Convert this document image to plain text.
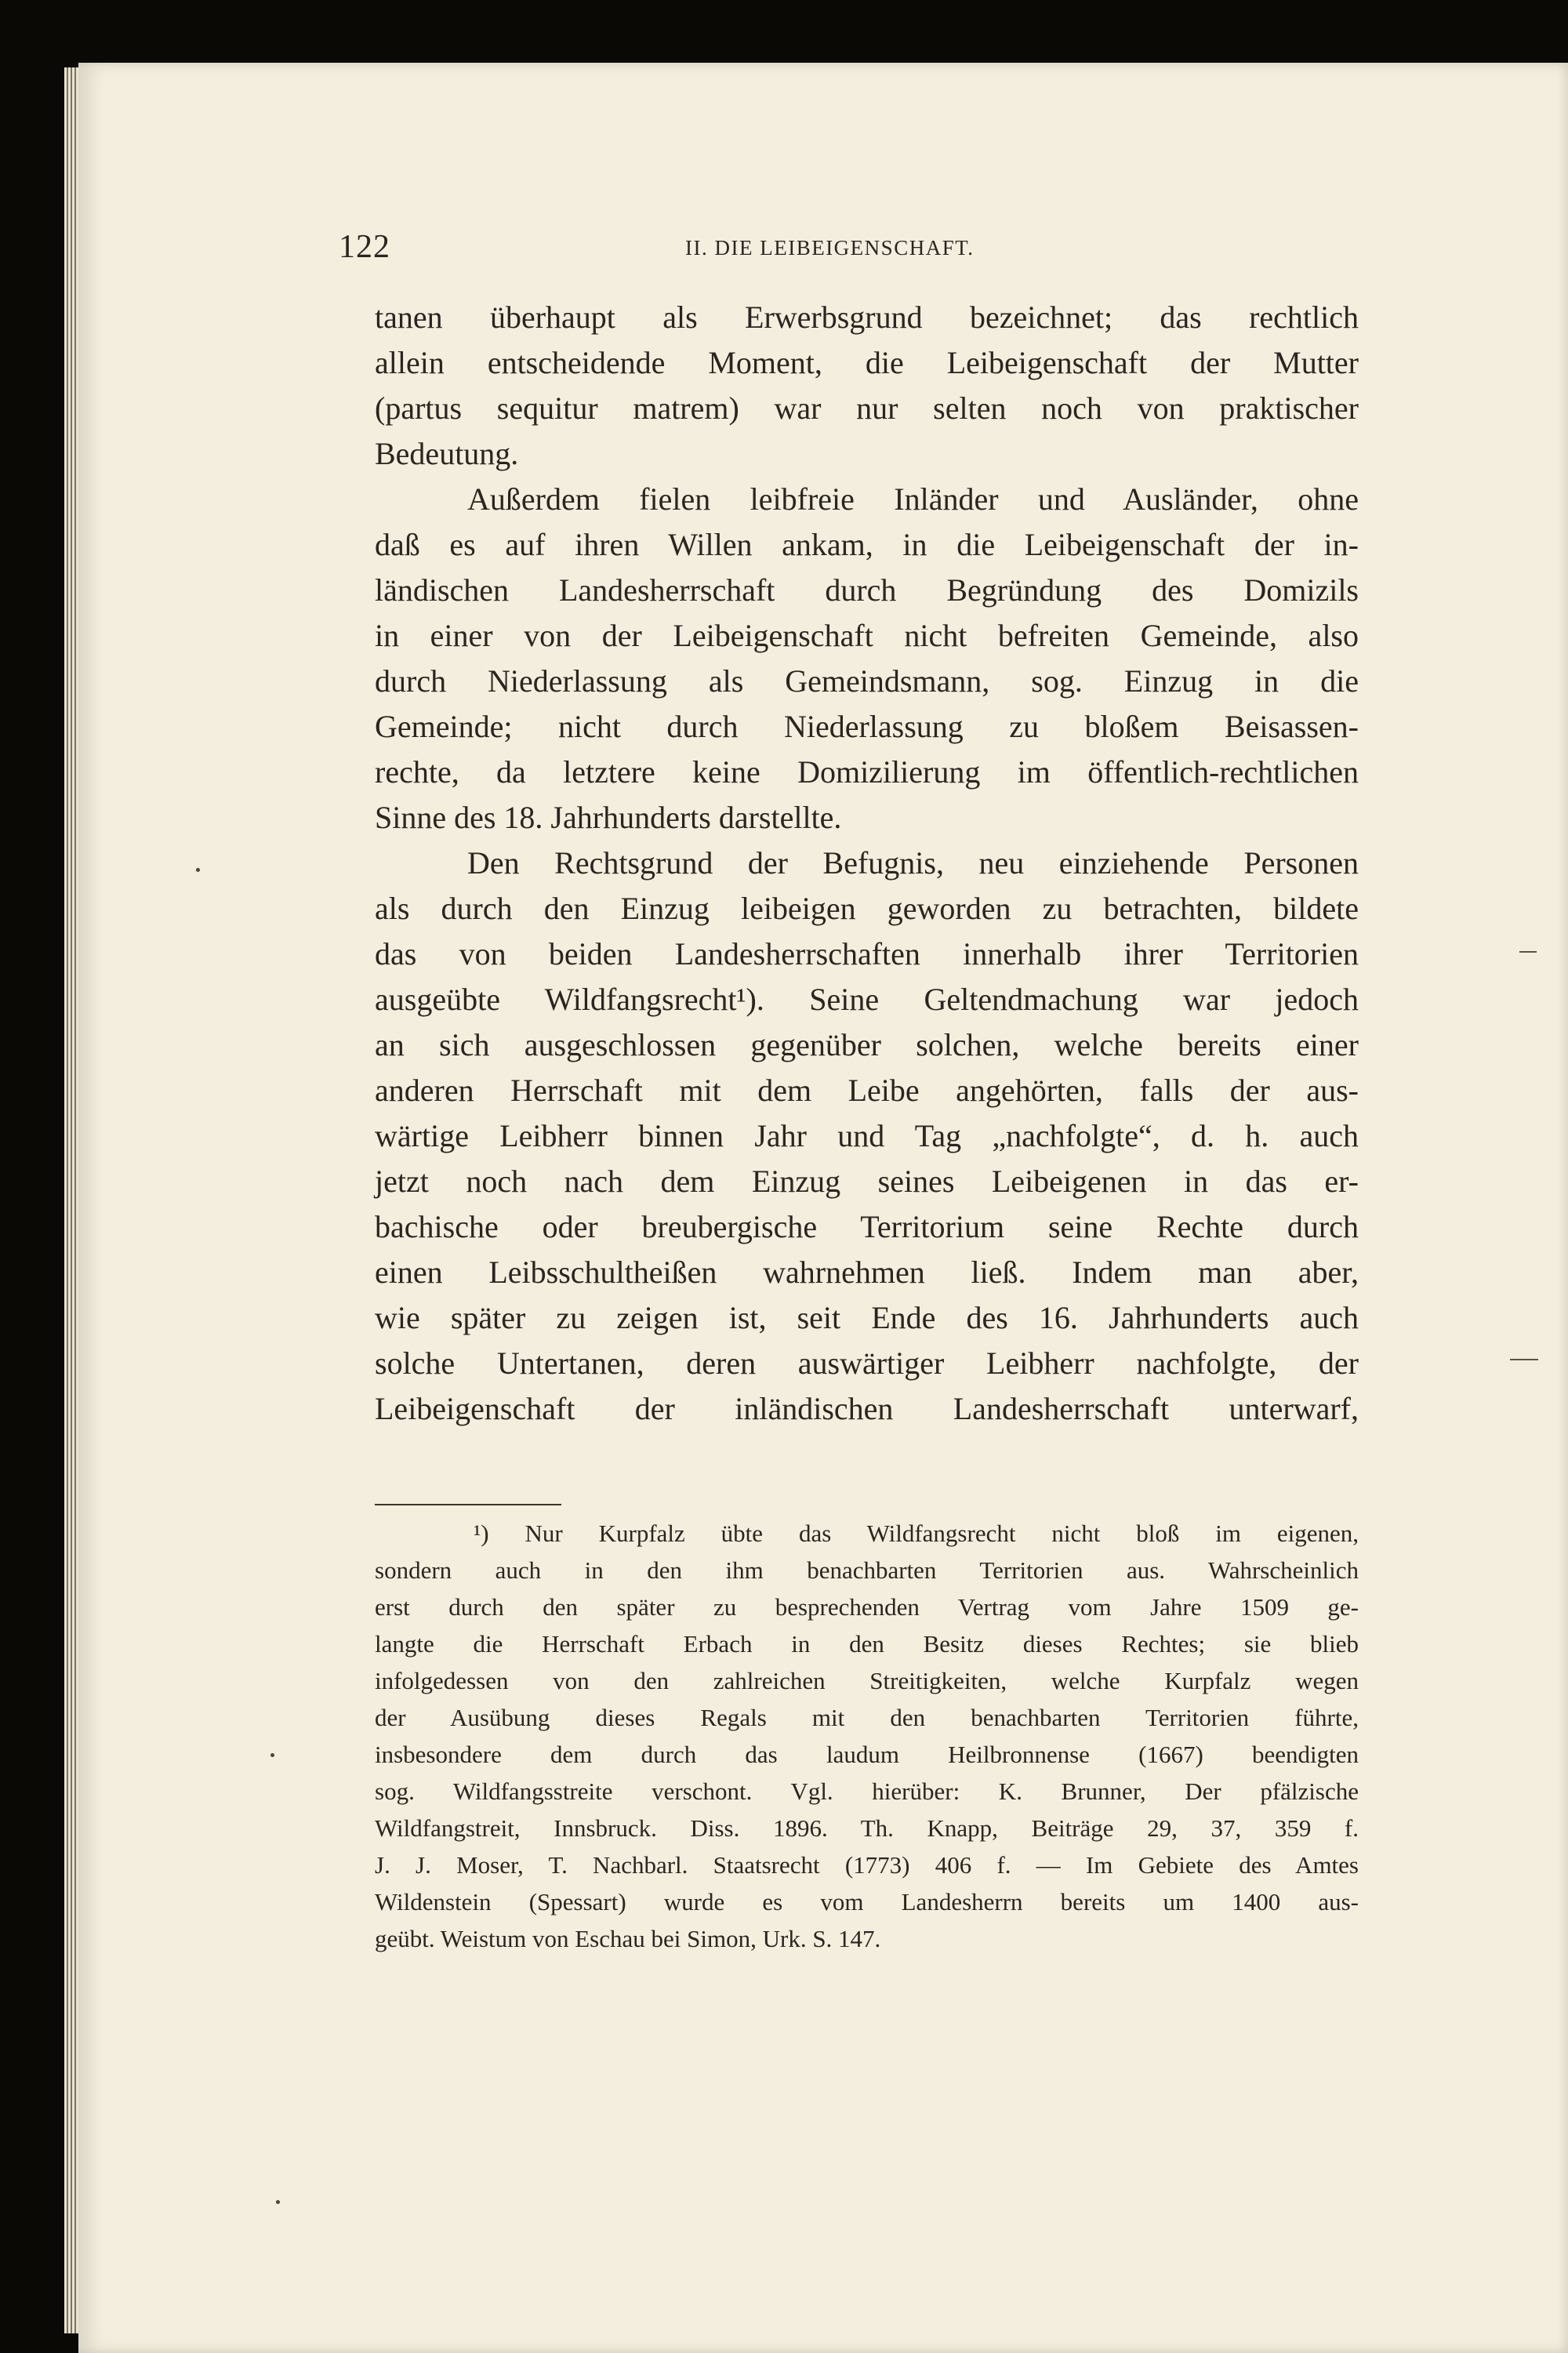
122	II. DIE LEIBEIGENSCHAFT.
tanen überhaupt als Erwerbsgrund bezeichnet; das rechtlich
allein entscheidende Moment, die Leibeigenschaft der Mutter
(partus sequitur matrem) war nur selten noch von praktischer
Bedeutung.
Außerdem fielen leibfreie Inländer und Ausländer, ohne
daß es auf ihren Willen ankam, in die Leibeigenschaft der in-
ländischen Landesherrschaft durch Begründung des Domizils
in einer von der Leibeigenschaft nicht befreiten Gemeinde, also
durch Niederlassung als Gemeindsmann, sog. Einzug in die
Gemeinde; nicht durch Niederlassung zu bloßem Beisassen-
rechte, da letztere keine Domizilierung im öffentlich-rechtlichen
Sinne des 18. Jahrhunderts darstellte.
Den Rechtsgrund der Befugnis, neu einziehende Personen
als durch den Einzug leibeigen geworden zu betrachten, bildete
das von beiden Landesherrschaften innerhalb ihrer Territorien
ausgeübte Wildfangsrecht¹). Seine Geltendmachung war jedoch
an sich ausgeschlossen gegenüber solchen, welche bereits einer
anderen Herrschaft mit dem Leibe angehörten, falls der aus-
wärtige Leibherr binnen Jahr und Tag „nachfolgte“, d. h. auch
jetzt noch nach dem Einzug seines Leibeigenen in das er-
bachische oder breubergische Territorium seine Rechte durch
einen Leibsschultheißen wahrnehmen ließ. Indem man aber,
wie später zu zeigen ist, seit Ende des 16. Jahrhunderts auch
solche Untertanen, deren auswärtiger Leibherr nachfolgte, der
Leibeigenschaft der inländischen Landesherrschaft unterwarf,
¹) Nur Kurpfalz übte das Wildfangsrecht nicht bloß im eigenen,
sondern auch in den ihm benachbarten Territorien aus. Wahrscheinlich
erst durch den später zu besprechenden Vertrag vom Jahre 1509 ge-
langte die Herrschaft Erbach in den Besitz dieses Rechtes; sie blieb
infolgedessen von den zahlreichen Streitigkeiten, welche Kurpfalz wegen
der Ausübung dieses Regals mit den benachbarten Territorien führte,
insbesondere dem durch das laudum Heilbronnense (1667) beendigten
sog. Wildfangsstreite verschont. Vgl. hierüber: K. Brunner, Der pfälzische
Wildfangstreit, Innsbruck. Diss. 1896. Th. Knapp, Beiträge 29, 37, 359 f.
J. J. Moser, T. Nachbarl. Staatsrecht (1773) 406 f. — Im Gebiete des Amtes
Wildenstein (Spessart) wurde es vom Landesherrn bereits um 1400 aus-
geübt. Weistum von Eschau bei Simon, Urk. S. 147.
